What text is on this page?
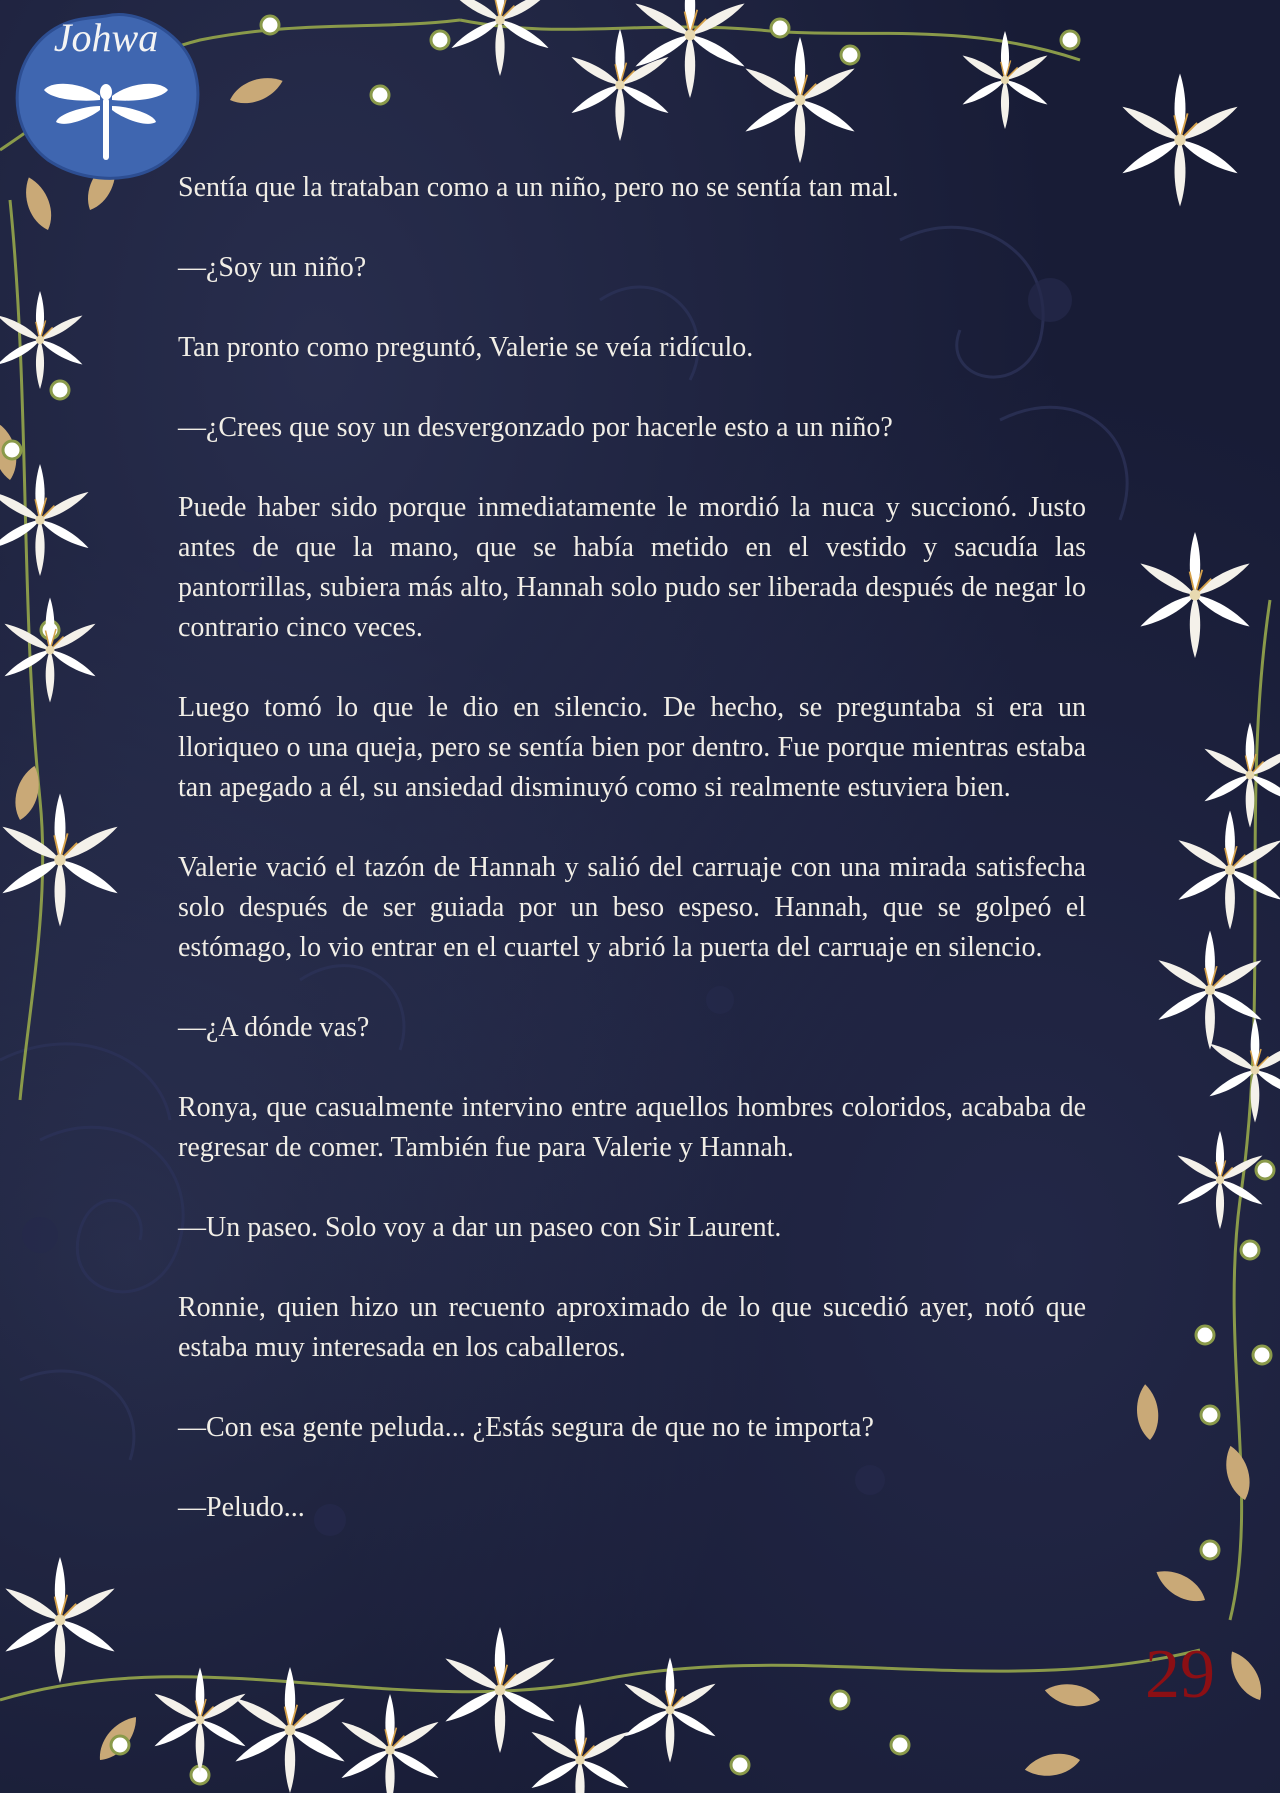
Johwa

Sentía que la trataban como a un niño, pero no se sentía tan mal.

—¿Soy un niño?

Tan pronto como preguntó, Valerie se veía ridículo.

—¿Crees que soy un desvergonzado por hacerle esto a un niño?

Puede haber sido porque inmediatamente le mordió la nuca y succionó. Justo antes de que la mano, que se había metido en el vestido y sacudía las pantorrillas, subiera más alto, Hannah solo pudo ser liberada después de negar lo contrario cinco veces.

Luego tomó lo que le dio en silencio. De hecho, se preguntaba si era un lloriqueo o una queja, pero se sentía bien por dentro. Fue porque mientras estaba tan apegado a él, su ansiedad disminuyó como si realmente estuviera bien.

Valerie vació el tazón de Hannah y salió del carruaje con una mirada satisfecha solo después de ser guiada por un beso espeso. Hannah, que se golpeó el estómago, lo vio entrar en el cuartel y abrió la puerta del carruaje en silencio.

—¿A dónde vas?

Ronya, que casualmente intervino entre aquellos hombres coloridos, acababa de regresar de comer. También fue para Valerie y Hannah.

—Un paseo. Solo voy a dar un paseo con Sir Laurent.

Ronnie, quien hizo un recuento aproximado de lo que sucedió ayer, notó que estaba muy interesada en los caballeros.

—Con esa gente peluda... ¿Estás segura de que no te importa?

—Peludo...

29
